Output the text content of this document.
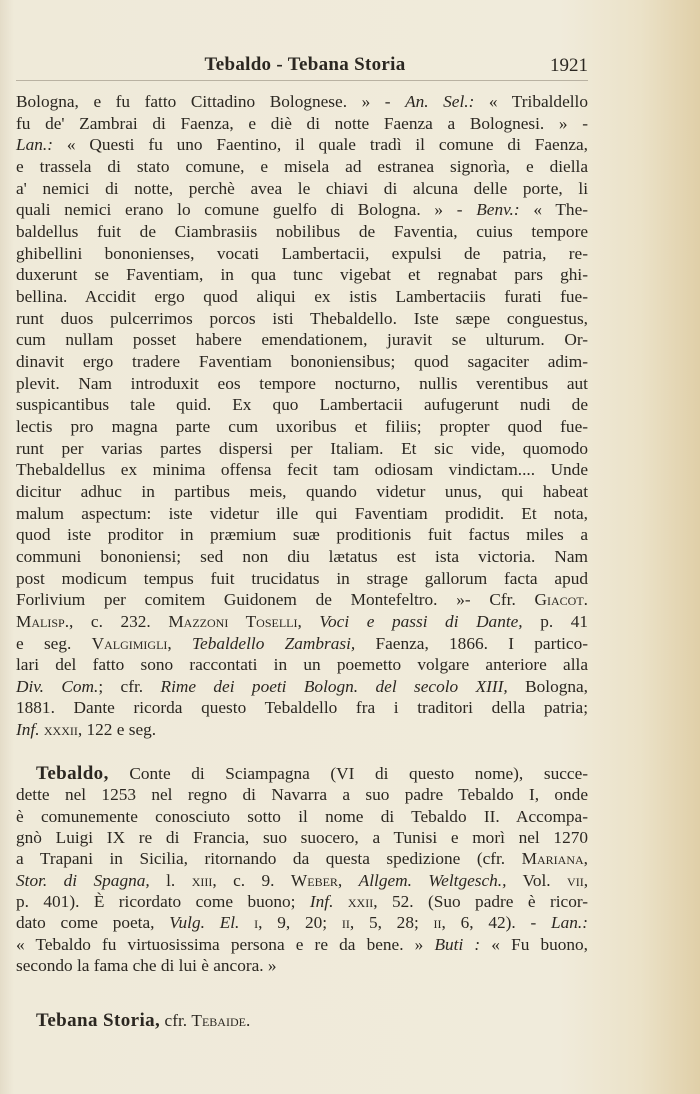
Tebaldo - Tebana Storia	1921
Bologna, e fu fatto Cittadino Bolognese. » - An. Sel.: « Tribaldello
fu de' Zambrai di Faenza, e diè di notte Faenza a Bolognesi. » -
Lan.: « Questi fu uno Faentino, il quale tradì il comune di Faenza,
e trassela di stato comune, e misela ad estranea signorìa, e diella
a' nemici di notte, perchè avea le chiavi di alcuna delle porte, li
quali nemici erano lo comune guelfo di Bologna. » - Benv.: « The-
baldellus fuit de Ciambrasiis nobilibus de Faventia, cuius tempore
ghibellini bononienses, vocati Lambertacii, expulsi de patria, re-
duxerunt se Faventiam, in qua tunc vigebat et regnabat pars ghi-
bellina. Accidit ergo quod aliqui ex istis Lambertaciis furati fue-
runt duos pulcerrimos porcos isti Thebaldello. Iste sæpe conguestus,
cum nullam posset habere emendationem, juravit se ulturum. Or-
dinavit ergo tradere Faventiam bononiensibus; quod sagaciter adim-
plevit. Nam introduxit eos tempore nocturno, nullis verentibus aut
suspicantibus tale quid. Ex quo Lambertacii aufugerunt nudi de
lectis pro magna parte cum uxoribus et filiis; propter quod fue-
runt per varias partes dispersi per Italiam. Et sic vide, quomodo
Thebaldellus ex minima offensa fecit tam odiosam vindictam.... Unde
dicitur adhuc in partibus meis, quando videtur unus, qui habeat
malum aspectum: iste videtur ille qui Faventiam prodidit. Et nota,
quod iste proditor in præmium suæ proditionis fuit factus miles a
communi bononiensi; sed non diu lætatus est ista victoria. Nam
post modicum tempus fuit trucidatus in strage gallorum facta apud
Forlivium per comitem Guidonem de Montefeltro. »- Cfr. Giacot.
Malisp., c. 232. Mazzoni Toselli, Voci e passi di Dante, p. 41
e seg. Valgimigli, Tebaldello Zambrasi, Faenza, 1866. I partico-
lari del fatto sono raccontati in un poemetto volgare anteriore alla
Div. Com.; cfr. Rime dei poeti Bologn. del secolo XIII, Bologna,
1881. Dante ricorda questo Tebaldello fra i traditori della patria;
Inf. xxxii, 122 e seg.
Tebaldo, Conte di Sciampagna (VI di questo nome), succe-
dette nel 1253 nel regno di Navarra a suo padre Tebaldo I, onde
è comunemente conosciuto sotto il nome di Tebaldo II. Accompa-
gnò Luigi IX re di Francia, suo suocero, a Tunisi e morì nel 1270
a Trapani in Sicilia, ritornando da questa spedizione (cfr. Mariana,
Stor. di Spagna, l. xiii, c. 9. Weber, Allgem. Weltgesch., Vol. vii,
p. 401). È ricordato come buono; Inf. xxii, 52. (Suo padre è ricor-
dato come poeta, Vulg. El. i, 9, 20; ii, 5, 28; ii, 6, 42). - Lan.:
« Tebaldo fu virtuosissima persona e re da bene. » Buti : « Fu buono,
secondo la fama che di lui è ancora. »
Tebana Storia, cfr. Tebaide.
